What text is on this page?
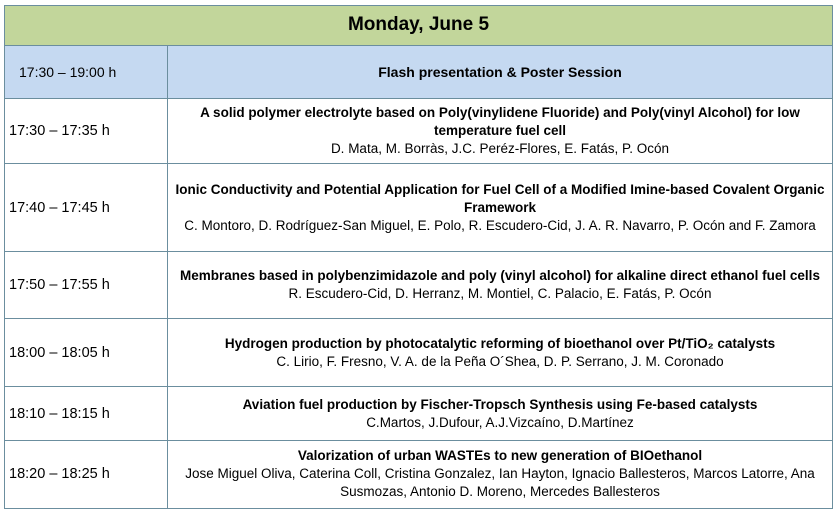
Monday, June 5	
17:30 – 19:00 h	Flash presentation & Poster Session
17:30 – 17:35 h	A solid polymer electrolyte based on Poly(vinylidene Fluoride) and Poly(vinyl Alcohol) for low temperature fuel cell
D. Mata, M. Borràs, J.C. Peréz-Flores, E. Fatás, P. Ocón

17:40 – 17:45 h	Ionic Conductivity and Potential Application for Fuel Cell of a Modified Imine-based Covalent Organic Framework
C. Montoro, D. Rodríguez-San Miguel, E. Polo, R. Escudero-Cid, J. A. R. Navarro, P. Ocón and F. Zamora

17:50 – 17:55 h	Membranes based in polybenzimidazole and poly (vinyl alcohol) for alkaline direct ethanol fuel cells
R. Escudero-Cid, D. Herranz, M. Montiel, C. Palacio, E. Fatás, P. Ocón

18:00 – 18:05 h	Hydrogen production by photocatalytic reforming of bioethanol over Pt/TiO₂ catalysts
C. Lirio, F. Fresno, V. A. de la Peña O´Shea, D. P. Serrano, J. M. Coronado

18:10 – 18:15 h	Aviation fuel production by Fischer-Tropsch Synthesis using Fe-based catalysts
C.Martos, J.Dufour, A.J.Vizcaíno, D.Martínez

18:20 – 18:25 h	Valorization of urban WASTEs to new generation of BIOethanol
Jose Miguel Oliva, Caterina Coll, Cristina Gonzalez, Ian Hayton, Ignacio Ballesteros, Marcos Latorre, Ana Susmozas, Antonio D. Moreno, Mercedes Ballesteros
